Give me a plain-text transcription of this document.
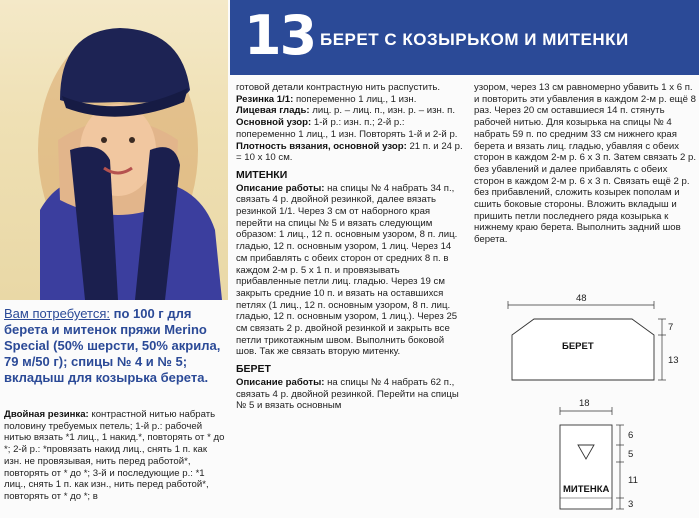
13 БЕРЕТ С КОЗЫРЬКОМ И МИТЕНКИ
Вам потребуется: по 100 г для берета и митенок пряжи Merino Special (50% шерсти, 50% акрила, 79 м/50 г); спицы № 4 и № 5; вкладыш для козырька берета.

Двойная резинка: контрастной нитью набрать половину требуемых петель; 1-й р.: рабочей нитью вязать *1 лиц., 1 накид.*, повторять от * до *; 2-й р.: *провязать накид лиц., снять 1 п. как изн. не провязывая, нить перед работой*, повторять от * до *; 3-й и последующие р.: *1 лиц., снять 1 п. как изн., нить перед работой*, повторять от * до *; в

готовой детали контрастную нить распустить.

Резинка 1/1: попеременно 1 лиц., 1 изн.

Лицевая гладь: лиц. р. – лиц. п., изн. р. – изн. п.

Основной узор: 1-й р.: изн. п.; 2-й р.: попеременно 1 лиц., 1 изн. Повторять 1-й и 2-й р.

Плотность вязания, основной узор: 21 п. и 24 р. = 10 x 10 см.

МИТЕНКИ

Описание работы: на спицы № 4 набрать 34 п., связать 4 р. двойной резинкой, далее вязать резинкой 1/1. Через 3 см от наборного края перейти на спицы № 5 и вязать следующим образом: 1 лиц., 12 п. основным узором, 8 п. лиц. гладью, 12 п. основным узором, 1 лиц. Через 14 см прибавлять с обеих сторон от средних 8 п. в каждом 2-м р. 5 x 1 п. и провязывать прибавленные петли лиц. гладью. Через 19 см закрыть средние 10 п. и вязать на оставшихся петлях (1 лиц., 12 п. основным узором, 8 п. лиц. гладью, 12 п. основным узором, 1 лиц.). Через 25 см связать 2 р. двойной резинкой и закрыть все петли трикотажным швом. Выполнить боковой шов. Так же связать вторую митенку.

БЕРЕТ

Описание работы: на спицы № 4 набрать 62 п., связать 4 р. двойной резинкой. Перейти на спицы № 5 и вязать основным

узором, через 13 см равномерно убавить 1 x 6 п. и повторить эти убавления в каждом 2-м р. ещё 8 раз. Через 20 см оставшиеся 14 п. стянуть рабочей нитью. Для козырька на спицы № 4 набрать 59 п. по средним 33 см нижнего края берета и вязать лиц. гладью, убавляя с обеих сторон в каждом 2-м р. 6 x 3 п. Затем связать 2 р. без убавлений и далее прибавлять с обеих сторон в каждом 2-м р. 6 x 3 п. Связать ещё 2 р. без прибавлений, сложить козырек пополам и сшить боковые стороны. Вложить вкладыш и пришить петли последнего ряда козырька к нижнему краю берета. Выполнить задний шов берета.

48
БЕРЕТ
7
13
18
МИТЕНКА
6
5
11
3
